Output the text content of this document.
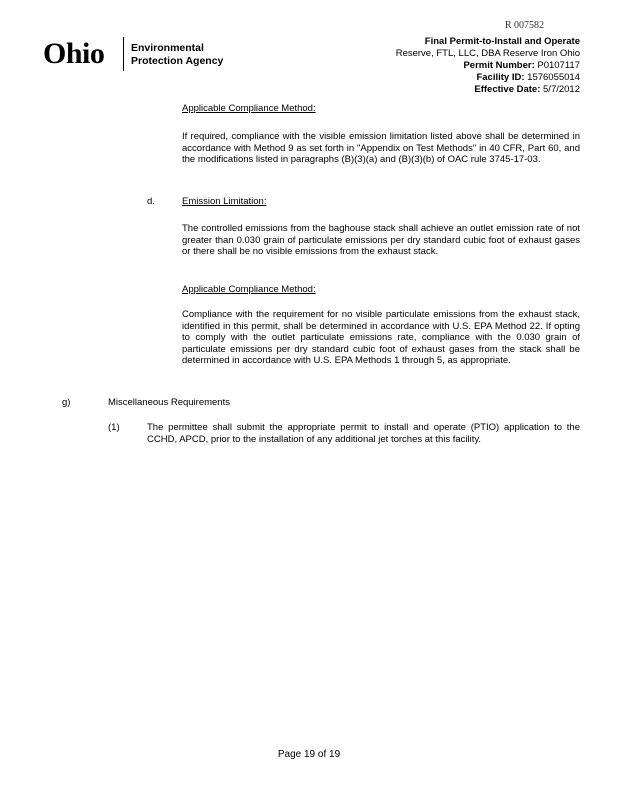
R 007582
Ohio	Environmental
Protection Agency
Final Permit-to-Install and Operate
Reserve, FTL, LLC, DBA Reserve Iron Ohio
Permit Number: P0107117
Facility ID: 1576055014
Effective Date: 5/7/2012
Applicable Compliance Method:
If required, compliance with the visible emission limitation listed above shall be determined in accordance with Method 9 as set forth in "Appendix on Test Methods" in 40 CFR, Part 60, and the modifications listed in paragraphs (B)(3)(a) and (B)(3)(b) of OAC rule 3745-17-03.
d.	Emission Limitation:
The controlled emissions from the baghouse stack shall achieve an outlet emission rate of not greater than 0.030 grain of particulate emissions per dry standard cubic foot of exhaust gases or there shall be no visible emissions from the exhaust stack.
Applicable Compliance Method:
Compliance with the requirement for no visible particulate emissions from the exhaust stack, identified in this permit, shall be determined in accordance with U.S. EPA Method 22. If opting to comply with the outlet particulate emissions rate, compliance with the 0.030 grain of particulate emissions per dry standard cubic foot of exhaust gases from the stack shall be determined in accordance with U.S. EPA Methods 1 through 5, as appropriate.
g)	Miscellaneous Requirements
(1)	The permittee shall submit the appropriate permit to install and operate (PTIO) application to the CCHD, APCD, prior to the installation of any additional jet torches at this facility.
Page 19 of 19
